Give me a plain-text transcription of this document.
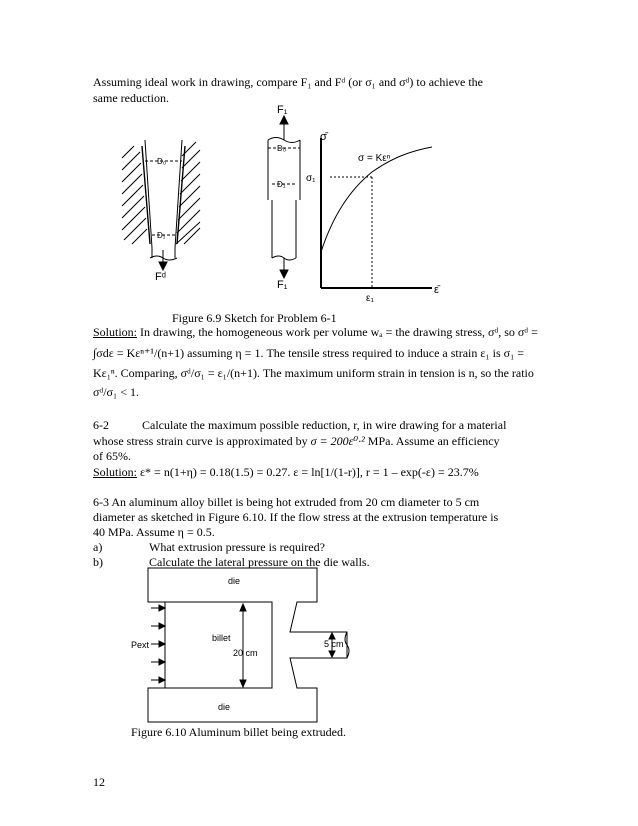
Assuming ideal work in drawing, compare F₁ and Fᵈ (or σ₁ and σᵈ) to achieve the
same reduction.
D₀
D₁
Fᵈ
F₁
D₀
D₁
F₁
σ̄
σ = Kεⁿ
σ₁
ε₁
ε̄
Figure 6.9 Sketch for Problem 6-1
Solution: In drawing, the homogeneous work per volume wₐ = the drawing stress, σᵈ, so σᵈ =
∫σdε = Kεⁿ⁺¹/(n+1) assuming η = 1. The tensile stress required to induce a strain ε₁ is σ₁ =
Kε₁ⁿ. Comparing, σᵈ/σ₁ = ε₁/(n+1). The maximum uniform strain in tension is n, so the ratio
σᵈ/σ₁ < 1.
6-2	Calculate the maximum possible reduction, r, in wire drawing for a material
whose stress strain curve is approximated by σ = 200ε⁰·² MPa. Assume an efficiency
of 65%.
Solution: ε* = n(1+η) = 0.18(1.5) = 0.27. ε = ln[1/(1-r)], r = 1 – exp(-ε) = 23.7%
6-3 An aluminum alloy billet is being hot extruded from 20 cm diameter to 5 cm
diameter as sketched in Figure 6.10. If the flow stress at the extrusion temperature is
40 MPa. Assume η = 0.5.
a)	What extrusion pressure is required?
b)	Calculate the lateral pressure on the die walls.
die
billet
Pext
20 cm
5 cm
die
Figure 6.10 Aluminum billet being extruded.
12
